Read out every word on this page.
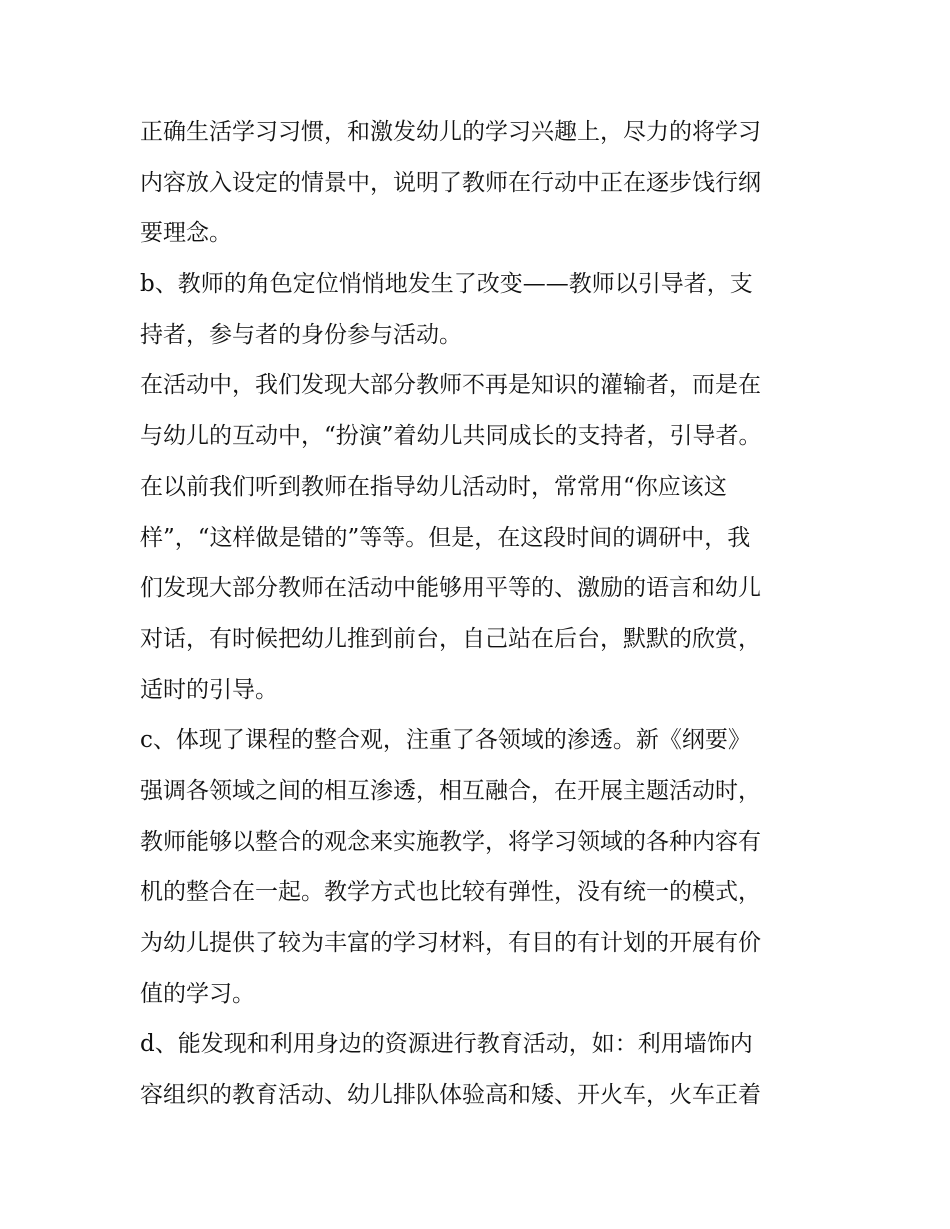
正确生活学习习惯，和激发幼儿的学习兴趣上，尽力的将学习
内容放入设定的情景中，说明了教师在行动中正在逐步饯行纲
要理念。
b、教师的角色定位悄悄地发生了改变——教师以引导者，支
持者，参与者的身份参与活动。
在活动中，我们发现大部分教师不再是知识的灌输者，而是在
与幼儿的互动中，“扮演”着幼儿共同成长的支持者，引导者。
在以前我们听到教师在指导幼儿活动时，常常用“你应该这
样”，“这样做是错的”等等。但是，在这段时间的调研中，我
们发现大部分教师在活动中能够用平等的、激励的语言和幼儿
对话，有时候把幼儿推到前台，自己站在后台，默默的欣赏，
适时的引导。
c、体现了课程的整合观，注重了各领域的渗透。新《纲要》
强调各领域之间的相互渗透，相互融合，在开展主题活动时，
教师能够以整合的观念来实施教学，将学习领域的各种内容有
机的整合在一起。教学方式也比较有弹性，没有统一的模式，
为幼儿提供了较为丰富的学习材料，有目的有计划的开展有价
值的学习。
d、能发现和利用身边的资源进行教育活动，如：利用墙饰内
容组织的教育活动、幼儿排队体验高和矮、开火车，火车正着
